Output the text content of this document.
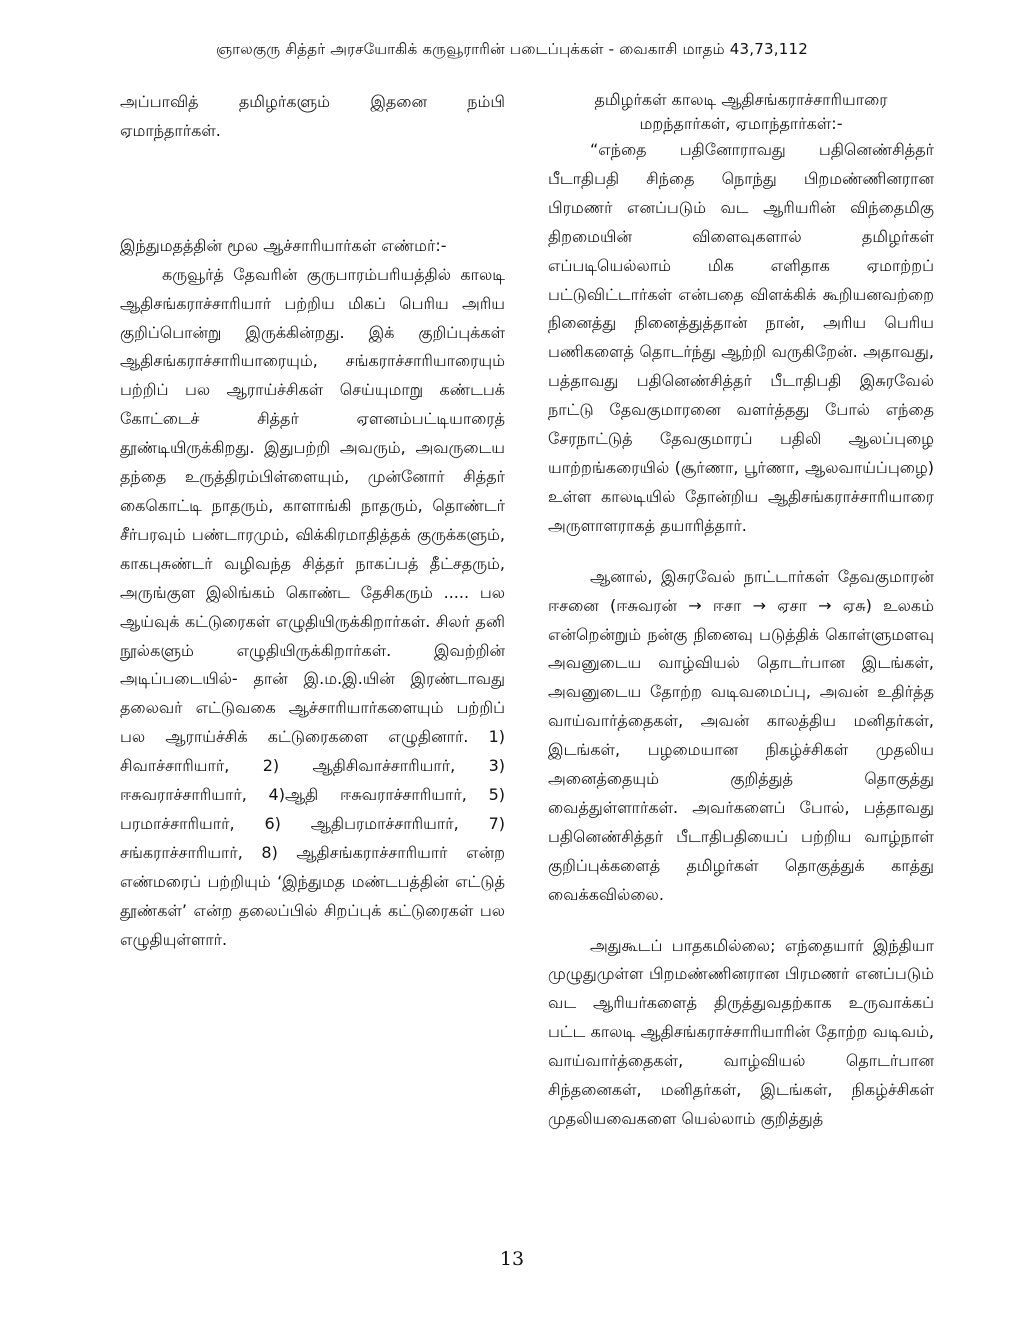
ஞாலகுரு சித்தர் அரசயோகிக் கருவூராரின் படைப்புக்கள் - வைகாசி மாதம் 43,73,112

அப்பாவித் தமிழர்களும் இதனை நம்பி ஏமாந்தார்கள்.

இந்துமதத்தின் மூல ஆச்சாரியார்கள் எண்மர்:-

கருவூர்த் தேவரின் குருபாரம்பரியத்தில் காலடி ஆதிசங்கராச்சாரியார் பற்றிய மிகப் பெரிய அரிய குறிப்பொன்று இருக்கின்றது. இக் குறிப்புக்கள் ஆதிசங்கராச்சாரியாரையும், சங்கராச்சாரியாரையும் பற்றிப் பல ஆராய்ச்சிகள் செய்யுமாறு கண்டபக் கோட்டைச் சித்தர் ஏளனம்பட்டியாரைத் தூண்டியிருக்கிறது. இதுபற்றி அவரும், அவருடைய தந்தை உருத்திரம்பிள்ளையும், முன்னோர் சித்தர் கைகொட்டி நாதரும், காளாங்கி நாதரும், தொண்டர் சீர்பரவும் பண்டாரமும், விக்கிரமாதித்தக் குருக்களும், காகபுசுண்டர் வழிவந்த சித்தர் நாகப்பத் தீட்சதரும், அருங்குள இலிங்கம் கொண்ட தேசிகரும் ..... பல ஆய்வுக் கட்டுரைகள் எழுதியிருக்கிறார்கள். சிலர் தனி நூல்களும் எழுதியிருக்கிறார்கள். இவற்றின் அடிப்படையில்- தான் இ.ம.இ.யின் இரண்டாவது தலைவர் எட்டுவகை ஆச்சாரியார்களையும் பற்றிப் பல ஆராய்ச்சிக் கட்டுரைகளை எழுதினார். 1) சிவாச்சாரியார், 2) ஆதிசிவாச்சாரியார், 3) ஈசுவராச்சாரியார், 4)ஆதி ஈசுவராச்சாரியார், 5) பரமாச்சாரியார், 6) ஆதிபரமாச்சாரியார், 7) சங்கராச்சாரியார், 8) ஆதிசங்கராச்சாரியார் என்ற எண்மரைப் பற்றியும் ‘இந்துமத மண்டபத்தின் எட்டுத் தூண்கள்’ என்ற தலைப்பில் சிறப்புக் கட்டுரைகள் பல எழுதியுள்ளார்.

தமிழர்கள் காலடி ஆதிசங்கராச்சாரியாரை

மறந்தார்கள், ஏமாந்தார்கள்:-

“எந்தை பதினோராவது பதினெண்சித்தர் பீடாதிபதி சிந்தை நொந்து பிறமண்ணினரான பிரமணர் எனப்படும் வட ஆரியரின் விந்தைமிகு திறமையின் விளைவுகளால் தமிழர்கள் எப்படியெல்லாம் மிக எளிதாக ஏமாற்றப் பட்டுவிட்டார்கள் என்பதை விளக்கிக் கூறியனவற்றை நினைத்து நினைத்துத்தான் நான், அரிய பெரிய பணிகளைத் தொடர்ந்து ஆற்றி வருகிறேன். அதாவது, பத்தாவது பதினெண்சித்தர் பீடாதிபதி இசுரவேல் நாட்டு தேவகுமாரனை வளர்த்தது போல் எந்தை சேரநாட்டுத் தேவகுமாரப் பதிலி ஆலப்புழை யாற்றங்கரையில் (சூர்ணா, பூர்ணா, ஆலவாய்ப்புழை) உள்ள காலடியில் தோன்றிய ஆதிசங்கராச்சாரியாரை அருளாளராகத் தயாரித்தார்.

ஆனால், இசுரவேல் நாட்டார்கள் தேவகுமாரன் ஈசனை (ஈசுவரன் → ஈசா → ஏசா → ஏசு) உலகம் என்றென்றும் நன்கு நினைவு படுத்திக் கொள்ளுமளவு அவனுடைய வாழ்வியல் தொடர்பான இடங்கள், அவனுடைய தோற்ற வடிவமைப்பு, அவன் உதிர்த்த வாய்வார்த்தைகள், அவன் காலத்திய மனிதர்கள், இடங்கள், பழமையான நிகழ்ச்சிகள் முதலிய அனைத்தையும் குறித்துத் தொகுத்து வைத்துள்ளார்கள். அவர்களைப் போல், பத்தாவது பதினெண்சித்தர் பீடாதிபதியைப் பற்றிய வாழ்நாள் குறிப்புக்களைத் தமிழர்கள் தொகுத்துக் காத்து வைக்கவில்லை.

அதுகூடப் பாதகமில்லை; எந்தையார் இந்தியா முழுதுமுள்ள பிறமண்ணினரான பிரமணர் எனப்படும் வட ஆரியர்களைத் திருத்துவதற்காக உருவாக்கப் பட்ட காலடி ஆதிசங்கராச்சாரியாரின் தோற்ற வடிவம், வாய்வார்த்தைகள், வாழ்வியல் தொடர்பான சிந்தனைகள், மனிதர்கள், இடங்கள், நிகழ்ச்சிகள் முதலியவைகளை யெல்லாம் குறித்துத்

13
